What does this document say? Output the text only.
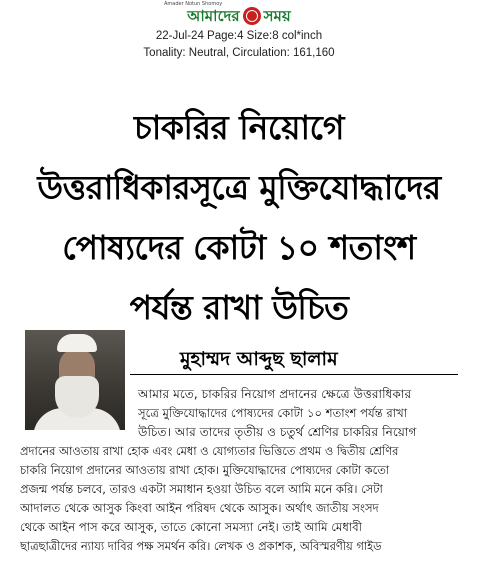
Amader Notun Shomoy
আমাদের সময়
22-Jul-24 Page:4 Size:8 col*inch
Tonality: Neutral, Circulation: 161,160
চাকরির নিয়োগে
উত্তরাধিকারসূত্রে মুক্তিযোদ্ধাদের
পোষ্যদের কোটা ১০ শতাংশ
পর্যন্ত রাখা উচিত
মুহাম্মদ আব্দুছ ছালাম
আমার মতে, চাকরির নিয়োগ প্রদানের ক্ষেত্রে উত্তরাধিকার
সূত্রে মুক্তিযোদ্ধাদের পোষ্যদের কোটা ১০ শতাংশ পর্যন্ত রাখা
উচিত। আর তাদের তৃতীয় ও চতুর্থ শ্রেণির চাকরির নিয়োগ
প্রদানের আওতায় রাখা হোক এবং মেধা ও যোগ্যতার ভিত্তিতে প্রথম ও দ্বিতীয় শ্রেণির
চাকরি নিয়োগ প্রদানের আওতায় রাখা হোক। মুক্তিযোদ্ধাদের পোষ্যদের কোটা কতো
প্রজন্ম পর্যন্ত চলবে, তারও একটা সমাধান হওয়া উচিত বলে আমি মনে করি। সেটা
আদালত থেকে আসুক কিংবা আইন পরিষদ থেকে আসুক। অর্থাৎ জাতীয় সংসদ
থেকে আইন পাস করে আসুক, তাতে কোনো সমস্যা নেই। তাই আমি মেধাবী
ছাত্রছাত্রীদের ন্যায্য দাবির পক্ষ সমর্থন করি। লেখক ও প্রকাশক, অবিস্মরণীয় গাইড
